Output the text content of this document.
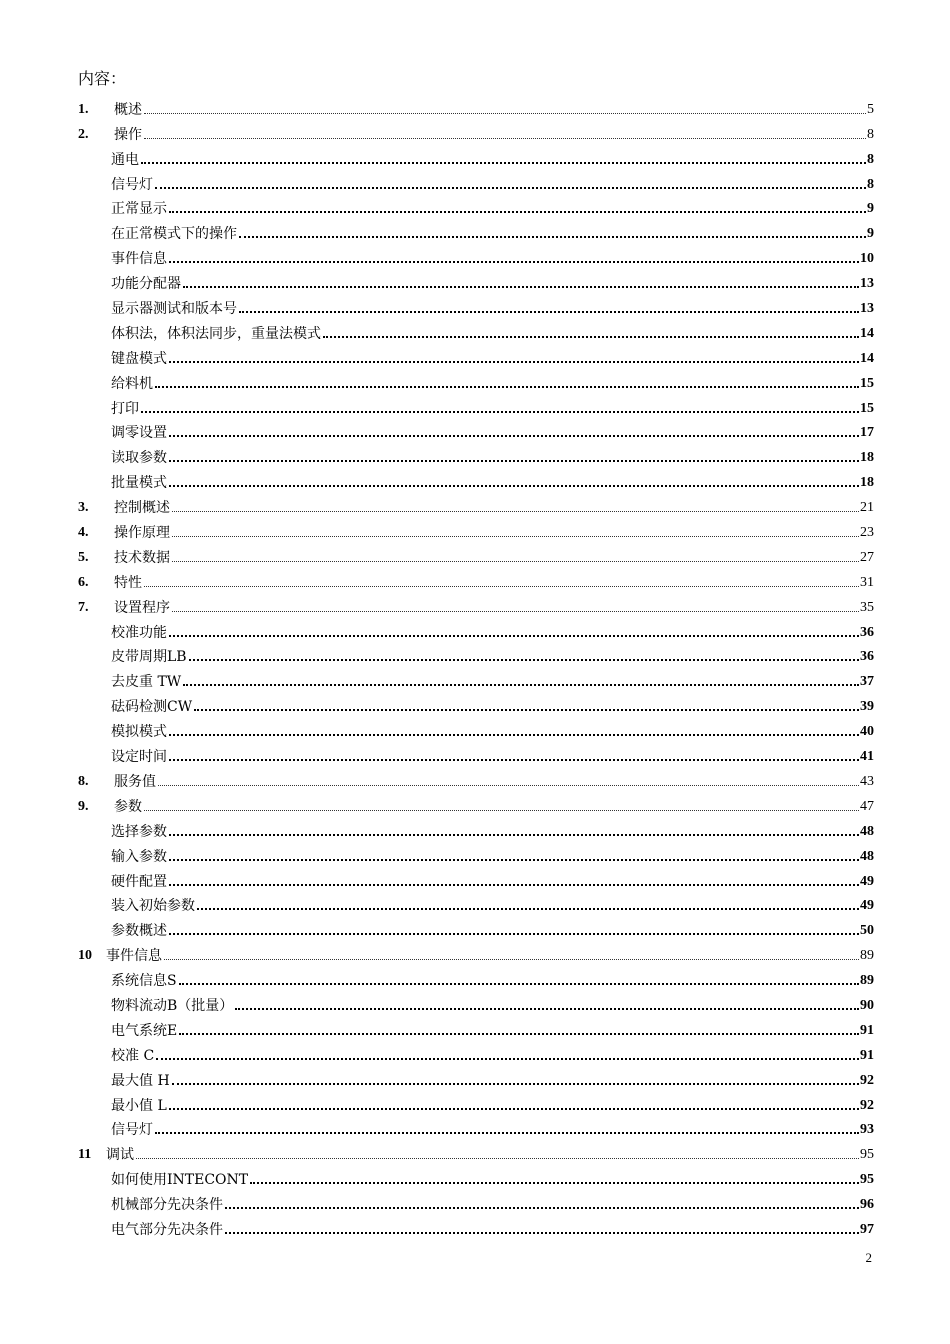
内容：
1.	概述	5
2.	操作	8
通电	8
信号灯	8
正常显示	9
在正常模式下的操作	9
事件信息	10
功能分配器	13
显示器测试和版本号	13
体积法，体积法同步，重量法模式	14
键盘模式	14
给料机	15
打印	15
调零设置	17
读取参数	18
批量模式	18
3.	控制概述	21
4.	操作原理	23
5.	技术数据	27
6.	特性	31
7.	设置程序	35
校准功能	36
皮带周期LB	36
去皮重 TW	37
砝码检测CW	39
模拟模式	40
设定时间	41
8.	服务值	43
9.	参数	47
选择参数	48
输入参数	48
硬件配置	49
装入初始参数	49
参数概述	50
10	事件信息	89
系统信息S	89
物料流动B（批量）	90
电气系统E	91
校准 C	91
最大值 H	92
最小值 L	92
信号灯	93
11	调试	95
如何使用INTECONT	95
机械部分先决条件	96
电气部分先决条件	97
2
